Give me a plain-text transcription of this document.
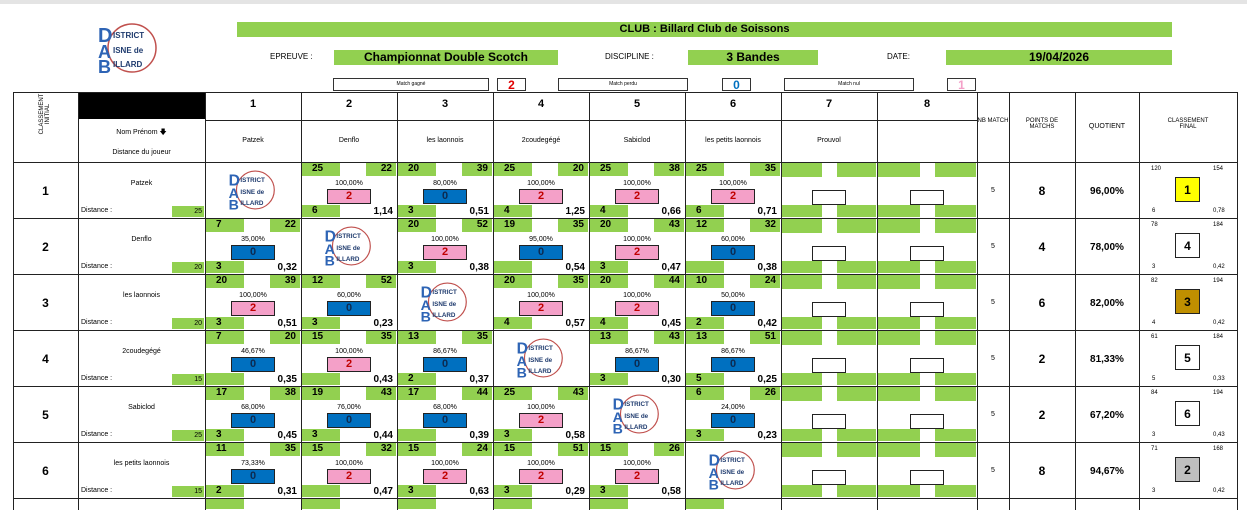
D
A
B
ISTRICT
ISNE de
ILLARD
CLUB : Billard Club de Soissons
EPREUVE :	Championnat Double Scotch	DISCIPLINE :	3 Bandes	DATE:	19/04/2026
Match gagné	2	Match perdu	0	Match nul	1
CLASSEMENT INITIAL
Nom Prénom 🡇
Distance du joueur
1
Patzek
2
Denflo
3
les laonnois
4
2coudegégé
5
Sabiclod
6
les petits laonnois
7
Prouvol
8
NB MATCH	POINTS DE MATCHS	QUOTIENT
CLASSEMENT FINAL
1
Patzek
Distance :	25
D
A
B
ISTRICT
ISNE de
ILLARD
25	22
100,00%
2
6	1,14
20	39
80,00%
0
3	0,51
25	20
100,00%
2
4	1,25
25	38
100,00%
2
4	0,66
25	35
100,00%
2
6	0,71
5	8	96,00%
120	154
1
6	0,78
2
Denflo
Distance :	20
7	22
35,00%
0
3	0,32
D
A
B
ISTRICT
ISNE de
ILLARD
20	52
100,00%
2
3	0,38
19	35
95,00%
0
0,54
20	43
100,00%
2
3	0,47
12	32
60,00%
0
0,38
5	4	78,00%
78	184
4
3	0,42
3
les laonnois
Distance :	20
20	39
100,00%
2
3	0,51
12	52
60,00%
0
3	0,23
D
A
B
ISTRICT
ISNE de
ILLARD
20	35
100,00%
2
4	0,57
20	44
100,00%
2
4	0,45
10	24
50,00%
0
2	0,42
5	6	82,00%
82	194
3
4	0,42
4
2coudegégé
Distance :	15
7	20
46,67%
0
0,35
15	35
100,00%
2
0,43
13	35
86,67%
0
2	0,37
D
A
B
ISTRICT
ISNE de
ILLARD
13	43
86,67%
0
3	0,30
13	51
86,67%
0
5	0,25
5	2	81,33%
61	184
5
5	0,33
5
Sabiclod
Distance :	25
17	38
68,00%
0
3	0,45
19	43
76,00%
0
3	0,44
17	44
68,00%
0
0,39
25	43
100,00%
2
3	0,58
D
A
B
ISTRICT
ISNE de
ILLARD
6	26
24,00%
0
3	0,23
5	2	67,20%
84	194
6
3	0,43
6
les petits laonnois
Distance :	15
11	35
73,33%
0
2	0,31
15	32
100,00%
2
0,47
15	24
100,00%
2
3	0,63
15	51
100,00%
2
3	0,29
15	26
100,00%
2
3	0,58
D
A
B
ISTRICT
ISNE de
ILLARD
5	8	94,67%
71	168
2
3	0,42
